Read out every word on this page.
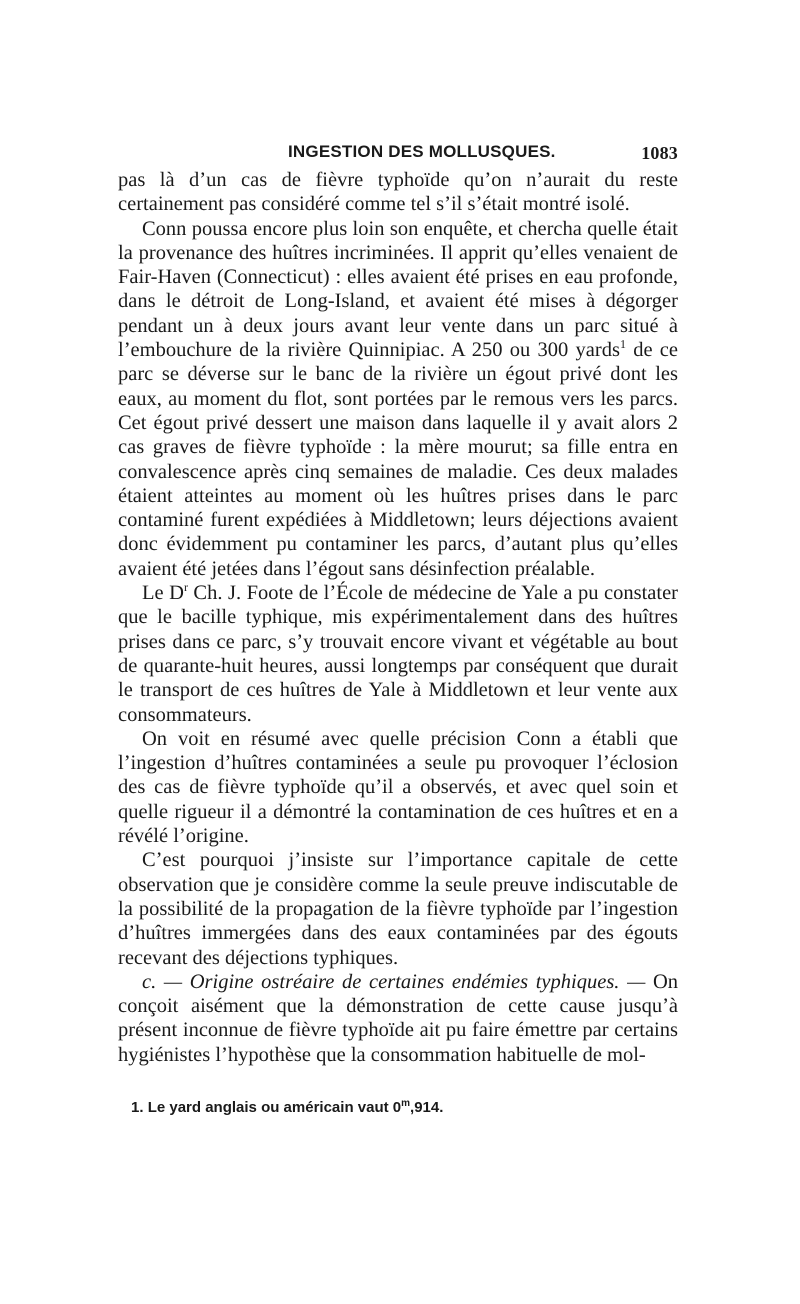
INGESTION DES MOLLUSQUES.	1083

pas là d’un cas de fièvre typhoïde qu’on n’aurait du reste certainement pas considéré comme tel s’il s’était montré isolé.

Conn poussa encore plus loin son enquête, et chercha quelle était la provenance des huîtres incriminées. Il apprit qu’elles venaient de Fair-Haven (Connecticut) : elles avaient été prises en eau profonde, dans le détroit de Long-Island, et avaient été mises à dégorger pendant un à deux jours avant leur vente dans un parc situé à l’embouchure de la rivière Quinnipiac. A 250 ou 300 yards$^1$ de ce parc se déverse sur le banc de la rivière un égout privé dont les eaux, au moment du flot, sont portées par le remous vers les parcs. Cet égout privé dessert une maison dans laquelle il y avait alors 2 cas graves de fièvre typhoïde : la mère mourut; sa fille entra en convalescence après cinq semaines de maladie. Ces deux malades étaient atteintes au moment où les huîtres prises dans le parc contaminé furent expédiées à Middletown; leurs déjections avaient donc évidemment pu contaminer les parcs, d’autant plus qu’elles avaient été jetées dans l’égout sans désinfection préalable.

Le $D^r$ Ch. J. Foote de l’École de médecine de Yale a pu constater que le bacille typhique, mis expérimentalement dans des huîtres prises dans ce parc, s’y trouvait encore vivant et végétable au bout de quarante-huit heures, aussi longtemps par conséquent que durait le transport de ces huîtres de Yale à Middletown et leur vente aux consommateurs.

On voit en résumé avec quelle précision Conn a établi que l’ingestion d’huîtres contaminées a seule pu provoquer l’éclosion des cas de fièvre typhoïde qu’il a observés, et avec quel soin et quelle rigueur il a démontré la contamination de ces huîtres et en a révélé l’origine.

C’est pourquoi j’insiste sur l’importance capitale de cette observation que je considère comme la seule preuve indiscutable de la possibilité de la propagation de la fièvre typhoïde par l’ingestion d’huîtres immergées dans des eaux contaminées par des égouts recevant des déjections typhiques.

c. — Origine ostréaire de certaines endémies typhiques. — On conçoit aisément que la démonstration de cette cause jusqu’à présent inconnue de fièvre typhoïde ait pu faire émettre par certains hygiénistes l’hypothèse que la consommation habituelle de mol-

1. Le yard anglais ou américain vaut 0$^m$,914.
